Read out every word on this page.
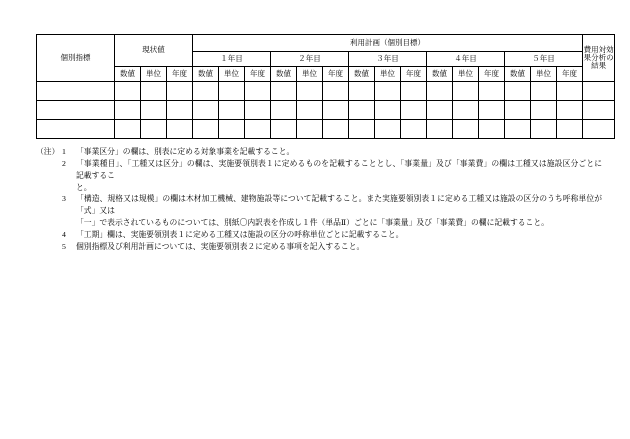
個別指標	現状値			利用計画（個別目標）															費用対効果分析の結果
				１年目			２年目			３年目			４年目			５年目			
	数値	単位	年度	数値	単位	年度	数値	単位	年度	数値	単位	年度	数値	単位	年度	数値	単位	年度	

（注） 1	「事業区分」の欄は、別表に定める対象事業を記載すること。
2	「事業種目」、「工種又は区分」の欄は、実施要領別表１に定めるものを記載することとし、「事業量」及び「事業費」の欄は工種又は施設区分ごとに記載するこ
と。
3	「構造、規格又は規模」の欄は木材加工機械、建物施設等について記載すること。また実施要領別表１に定める工種又は施設の区分のうち呼称単位が「式」又は
「一」で表示されているものについては、別紙〇内訳表を作成し１件（単品Ⅱ）ごとに「事業量」及び「事業費」の欄に記載すること。
4	「工期」欄は、実施要領別表１に定める工種又は施設の区分の呼称単位ごとに記載すること。
5	個別指標及び利用計画については、実施要領別表２に定める事項を記入すること。
